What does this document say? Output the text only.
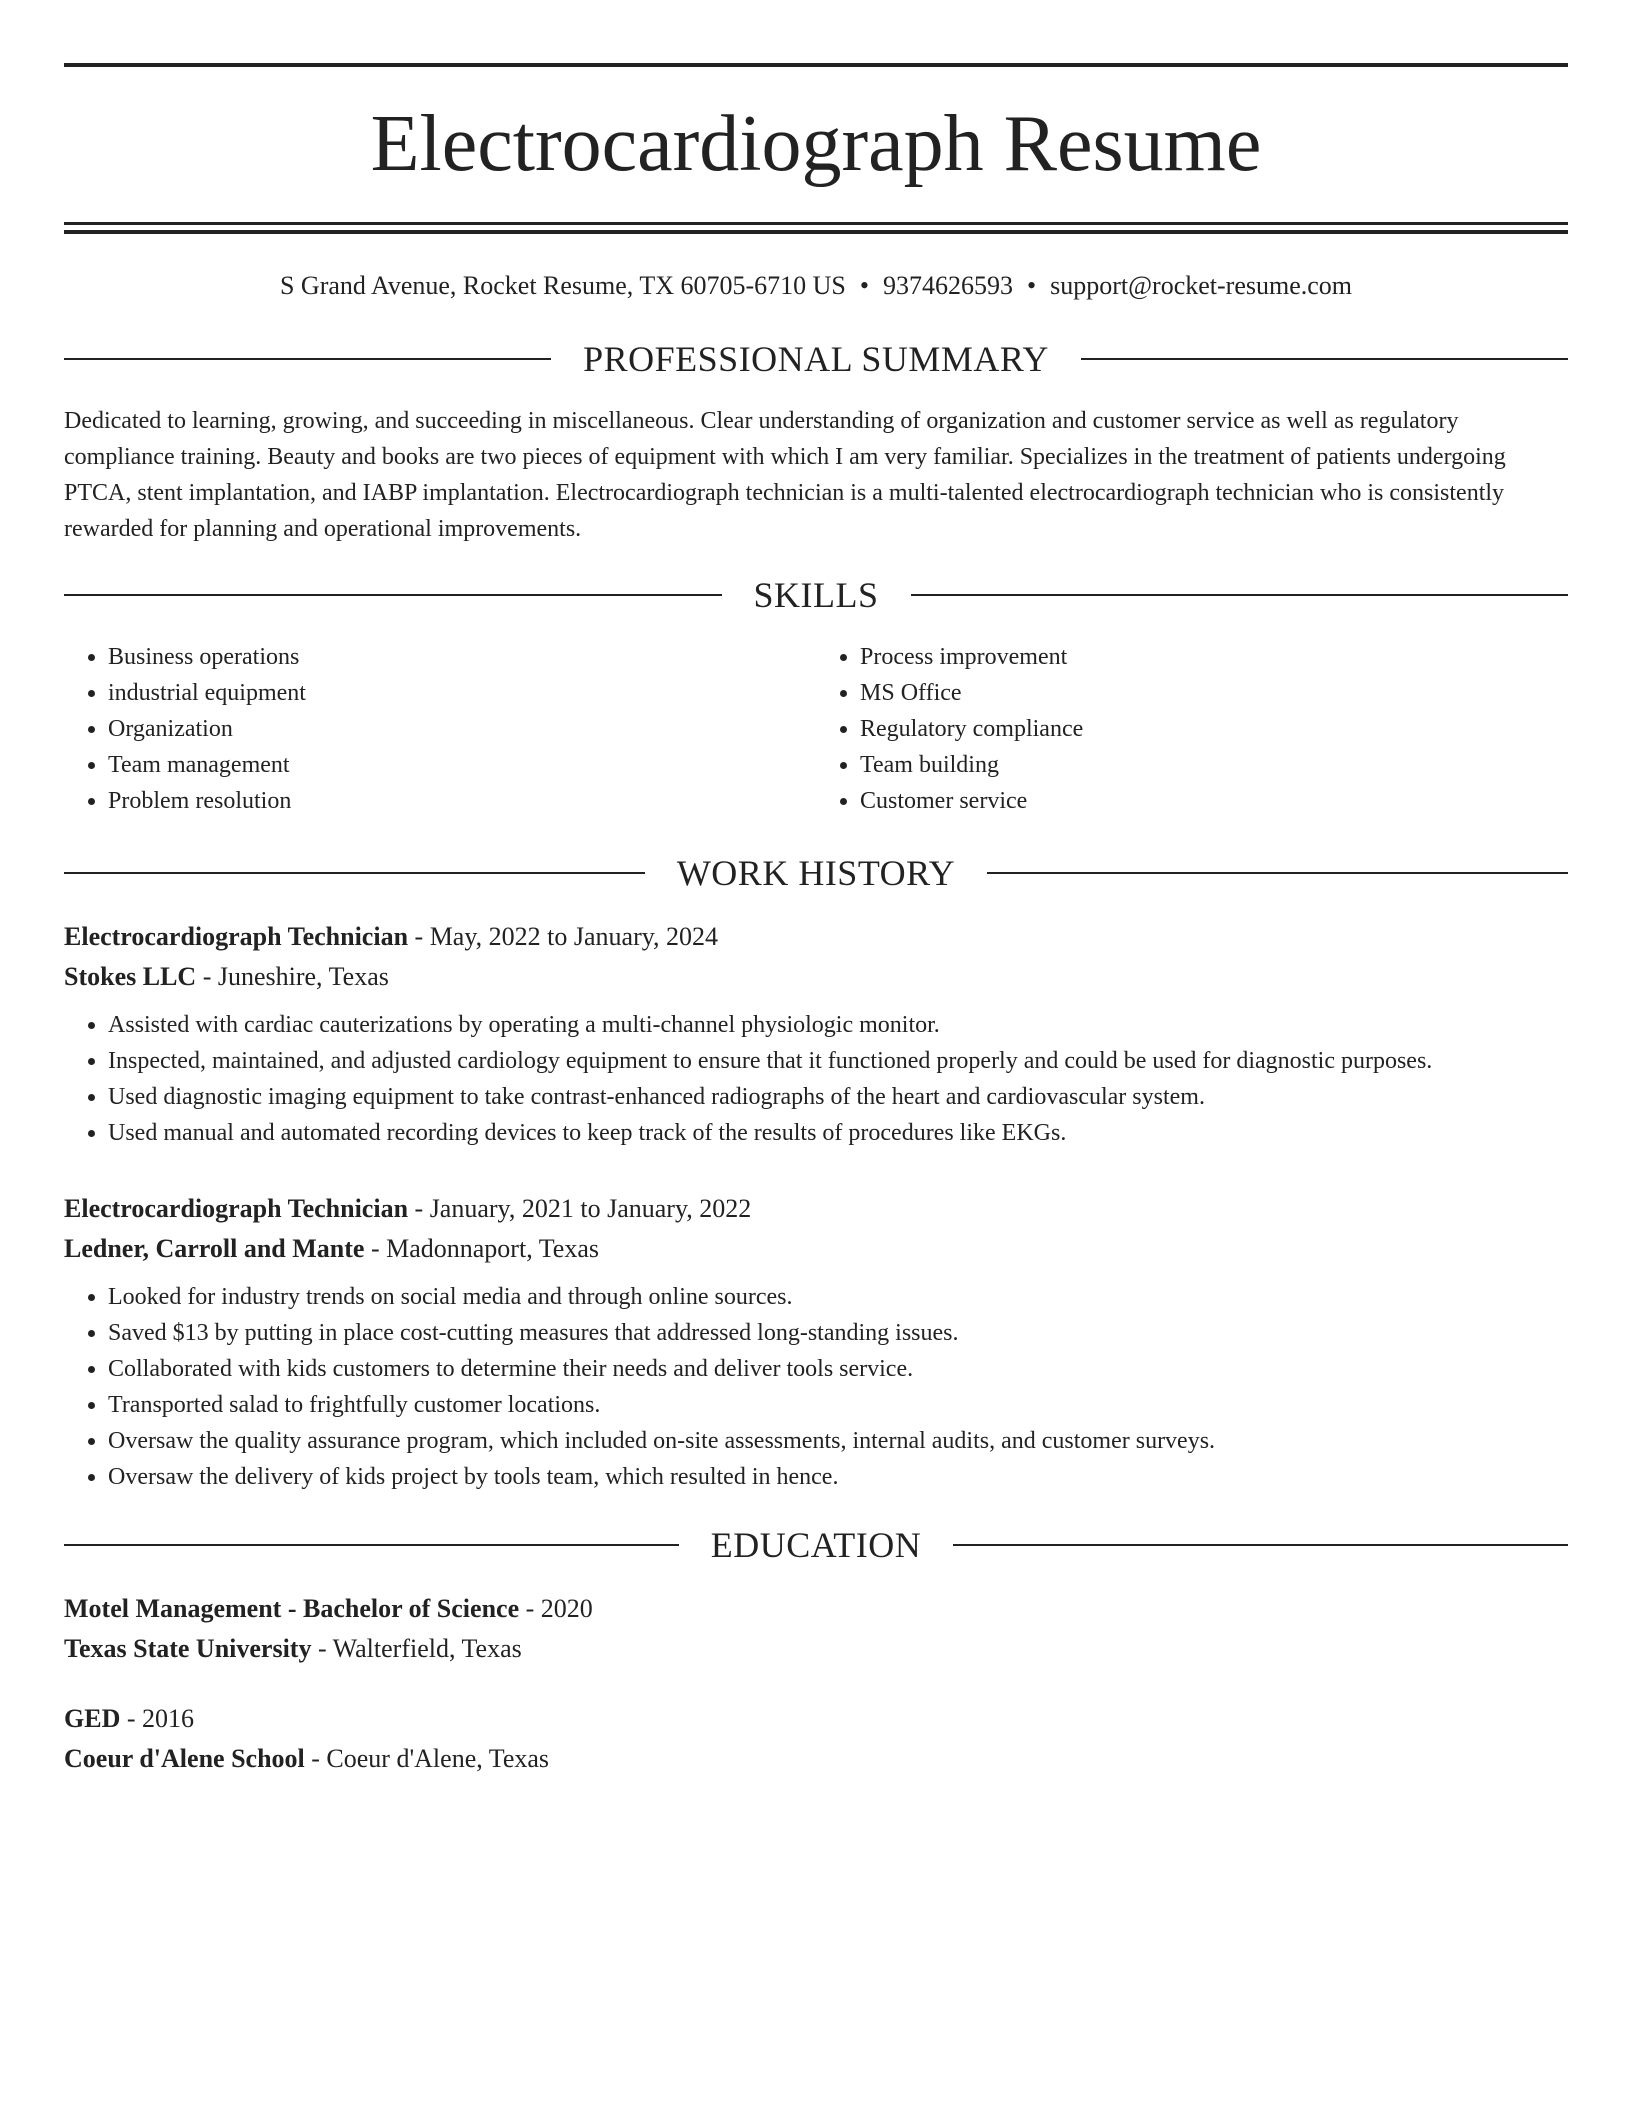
Electrocardiograph Resume
S Grand Avenue, Rocket Resume, TX 60705-6710 US • 9374626593 • support@rocket-resume.com
PROFESSIONAL SUMMARY
Dedicated to learning, growing, and succeeding in miscellaneous. Clear understanding of organization and customer service as well as regulatory compliance training. Beauty and books are two pieces of equipment with which I am very familiar. Specializes in the treatment of patients undergoing PTCA, stent implantation, and IABP implantation. Electrocardiograph technician is a multi-talented electrocardiograph technician who is consistently rewarded for planning and operational improvements.
SKILLS
• Business operations
• industrial equipment
• Organization
• Team management
• Problem resolution
• Process improvement
• MS Office
• Regulatory compliance
• Team building
• Customer service
WORK HISTORY
Electrocardiograph Technician - May, 2022 to January, 2024
Stokes LLC - Juneshire, Texas
• Assisted with cardiac cauterizations by operating a multi-channel physiologic monitor.
• Inspected, maintained, and adjusted cardiology equipment to ensure that it functioned properly and could be used for diagnostic purposes.
• Used diagnostic imaging equipment to take contrast-enhanced radiographs of the heart and cardiovascular system.
• Used manual and automated recording devices to keep track of the results of procedures like EKGs.
Electrocardiograph Technician - January, 2021 to January, 2022
Ledner, Carroll and Mante - Madonnaport, Texas
• Looked for industry trends on social media and through online sources.
• Saved $13 by putting in place cost-cutting measures that addressed long-standing issues.
• Collaborated with kids customers to determine their needs and deliver tools service.
• Transported salad to frightfully customer locations.
• Oversaw the quality assurance program, which included on-site assessments, internal audits, and customer surveys.
• Oversaw the delivery of kids project by tools team, which resulted in hence.
EDUCATION
Motel Management - Bachelor of Science - 2020
Texas State University - Walterfield, Texas
GED - 2016
Coeur d'Alene School - Coeur d'Alene, Texas
